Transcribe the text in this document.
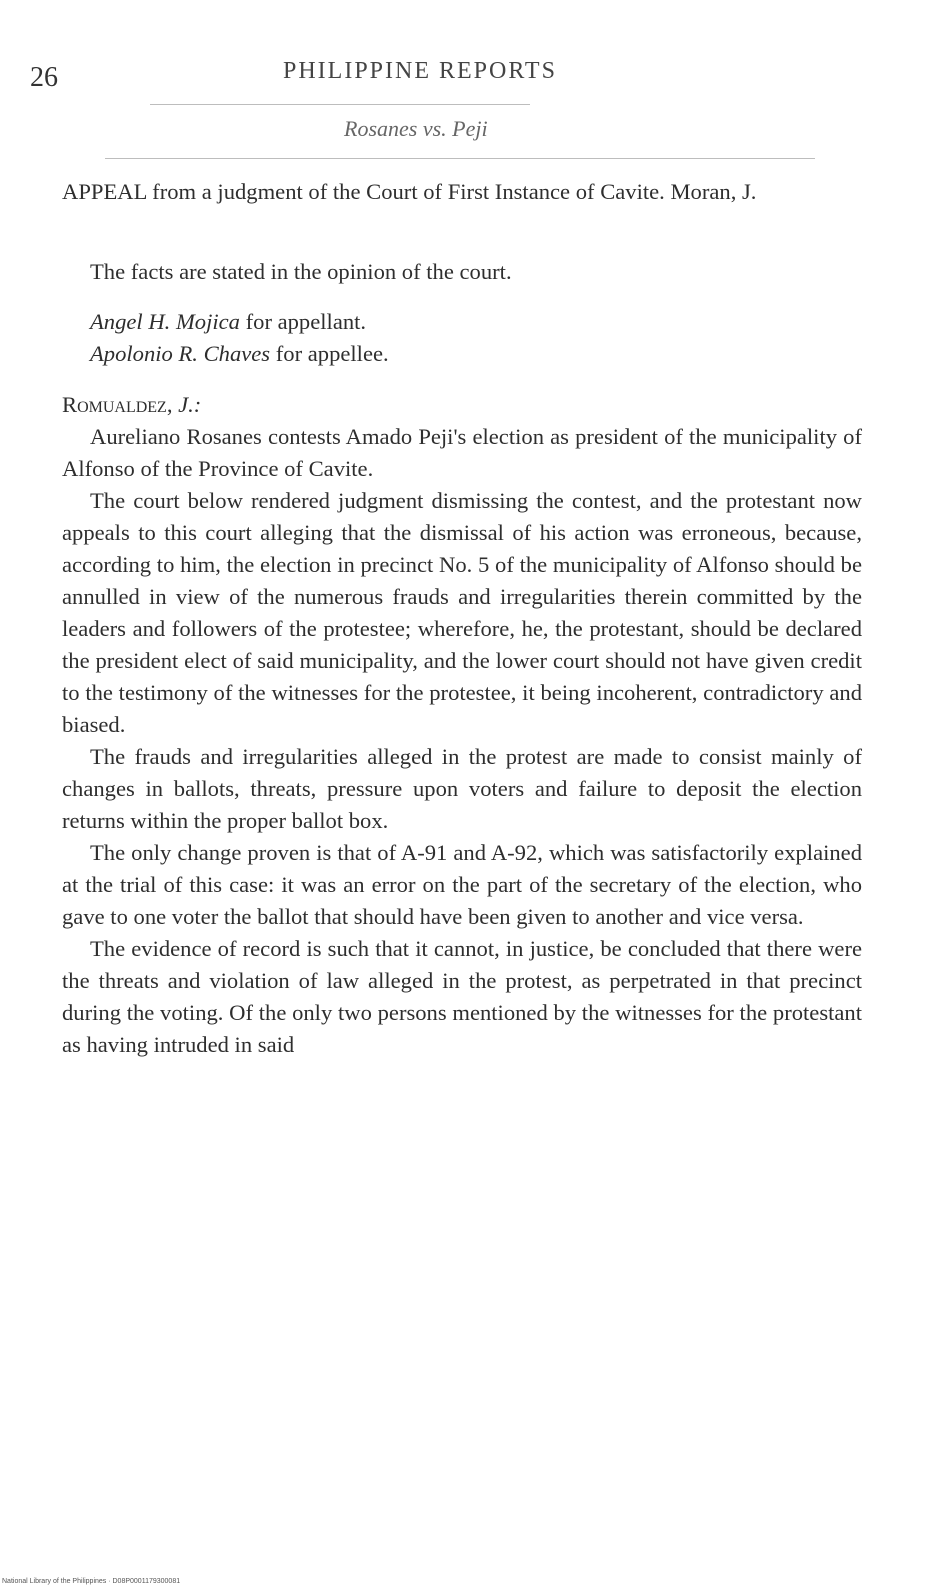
26	PHILIPPINE REPORTS
Rosanes vs. Peji

APPEAL from a judgment of the Court of First Instance of Cavite. Moran, J.

The facts are stated in the opinion of the court.

Angel H. Mojica for appellant.

Apolonio R. Chaves for appellee.

Romualdez, J.:

Aureliano Rosanes contests Amado Peji's election as president of the municipality of Alfonso of the Province of Cavite.

The court below rendered judgment dismissing the contest, and the protestant now appeals to this court alleging that the dismissal of his action was erroneous, because, according to him, the election in precinct No. 5 of the municipality of Alfonso should be annulled in view of the numerous frauds and irregularities therein committed by the leaders and followers of the protestee; wherefore, he, the protestant, should be declared the president elect of said municipality, and the lower court should not have given credit to the testimony of the witnesses for the protestee, it being incoherent, contradictory and biased.

The frauds and irregularities alleged in the protest are made to consist mainly of changes in ballots, threats, pressure upon voters and failure to deposit the election returns within the proper ballot box.

The only change proven is that of A-91 and A-92, which was satisfactorily explained at the trial of this case: it was an error on the part of the secretary of the election, who gave to one voter the ballot that should have been given to another and vice versa.

The evidence of record is such that it cannot, in justice, be concluded that there were the threats and violation of law alleged in the protest, as perpetrated in that precinct during the voting. Of the only two persons mentioned by the witnesses for the protestant as having intruded in said

National Library of the Philippines · D08P0001179300081
